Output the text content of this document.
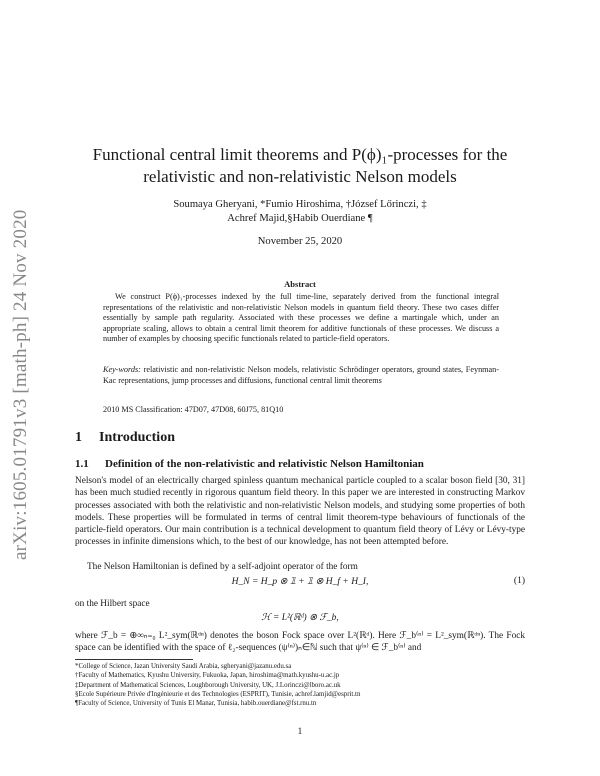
arXiv:1605.01791v3 [math-ph] 24 Nov 2020
Functional central limit theorems and P(ϕ)₁-processes for the
relativistic and non-relativistic Nelson models
Soumaya Gheryani, *Fumio Hiroshima, †József Lőrinczi, ‡
Achref Majid,§Habib Ouerdiane ¶
November 25, 2020
Abstract
We construct P(ϕ)₁-processes indexed by the full time-line, separately derived from the functional integral representations of the relativistic and non-relativistic Nelson models in quantum field theory. These two cases differ essentially by sample path regularity. Associated with these processes we define a martingale which, under an appropriate scaling, allows to obtain a central limit theorem for additive functionals of these processes. We discuss a number of examples by choosing specific functionals related to particle-field operators.
Key-words: relativistic and non-relativistic Nelson models, relativistic Schrödinger operators, ground states, Feynman-Kac representations, jump processes and diffusions, functional central limit theorems
2010 MS Classification: 47D07, 47D08, 60J75, 81Q10
1 Introduction
1.1 Definition of the non-relativistic and relativistic Nelson Hamiltonian
Nelson's model of an electrically charged spinless quantum mechanical particle coupled to a scalar boson field [30, 31] has been much studied recently in rigorous quantum field theory. In this paper we are interested in constructing Markov processes associated with both the relativistic and non-relativistic Nelson models, and studying some properties of both models. These properties will be formulated in terms of central limit theorem-type behaviours of functionals of the particle-field operators. Our main contribution is a technical development to quantum field theory of Lévy or Lévy-type processes in infinite dimensions which, to the best of our knowledge, has not been attempted before.
The Nelson Hamiltonian is defined by a self-adjoint operator of the form
H_N = H_p ⊗ 𝟙 + 𝟙 ⊗ H_f + H_I,	(1)
on the Hilbert space
ℋ = L²(ℝᵈ) ⊗ ℱ_b,
where ℱ_b = ⊕∞ₙ₌₀ L²_sym(ℝᵈⁿ) denotes the boson Fock space over L²(ℝᵈ). Here ℱ_b⁽ⁿ⁾ = L²_sym(ℝᵈⁿ). The Fock space can be identified with the space of ℓ₂-sequences (ψ⁽ⁿ⁾)ₙ∈ℕ such that ψ⁽ⁿ⁾ ∈ ℱ_b⁽ⁿ⁾ and
*College of Science, Jazan University Saudi Arabia, sgheryani@jazanu.edu.sa
†Faculty of Mathematics, Kyushu University, Fukuoka, Japan, hiroshima@math.kyushu-u.ac.jp
‡Department of Mathematical Sciences, Loughborough University, UK, J.Lorinczi@lboro.ac.uk
§Ecole Supérieure Privée d'Ingénieurie et des Technologies (ESPRIT), Tunisie, achref.lamjid@esprit.tn
¶Faculty of Science, University of Tunis El Manar, Tunisia, habib.ouerdiane@fst.rnu.tn
1
